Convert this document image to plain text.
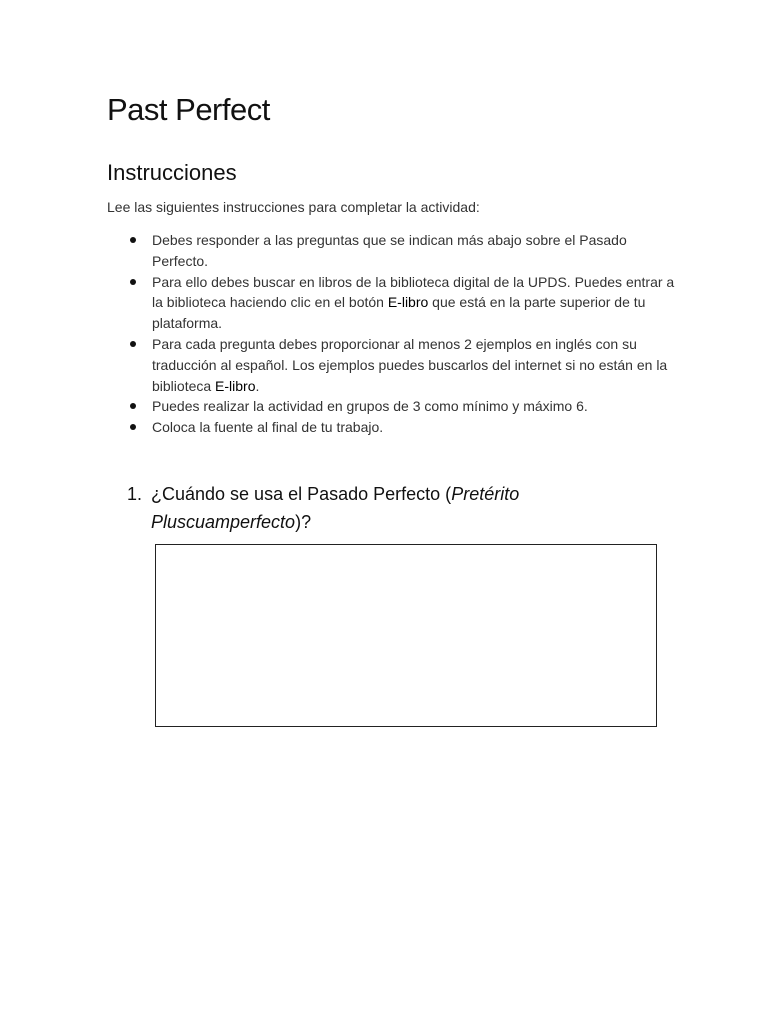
Past Perfect
Instrucciones

Lee las siguientes instrucciones para completar la actividad:

Debes responder a las preguntas que se indican más abajo sobre el Pasado Perfecto.
Para ello debes buscar en libros de la biblioteca digital de la UPDS. Puedes entrar a la biblioteca haciendo clic en el botón E-libro que está en la parte superior de tu plataforma.
Para cada pregunta debes proporcionar al menos 2 ejemplos en inglés con su traducción al español. Los ejemplos puedes buscarlos del internet si no están en la biblioteca E-libro.
Puedes realizar la actividad en grupos de 3 como mínimo y máximo 6.
Coloca la fuente al final de tu trabajo.
1. ¿Cuándo se usa el Pasado Perfecto (Pretérito Pluscuamperfecto)?
